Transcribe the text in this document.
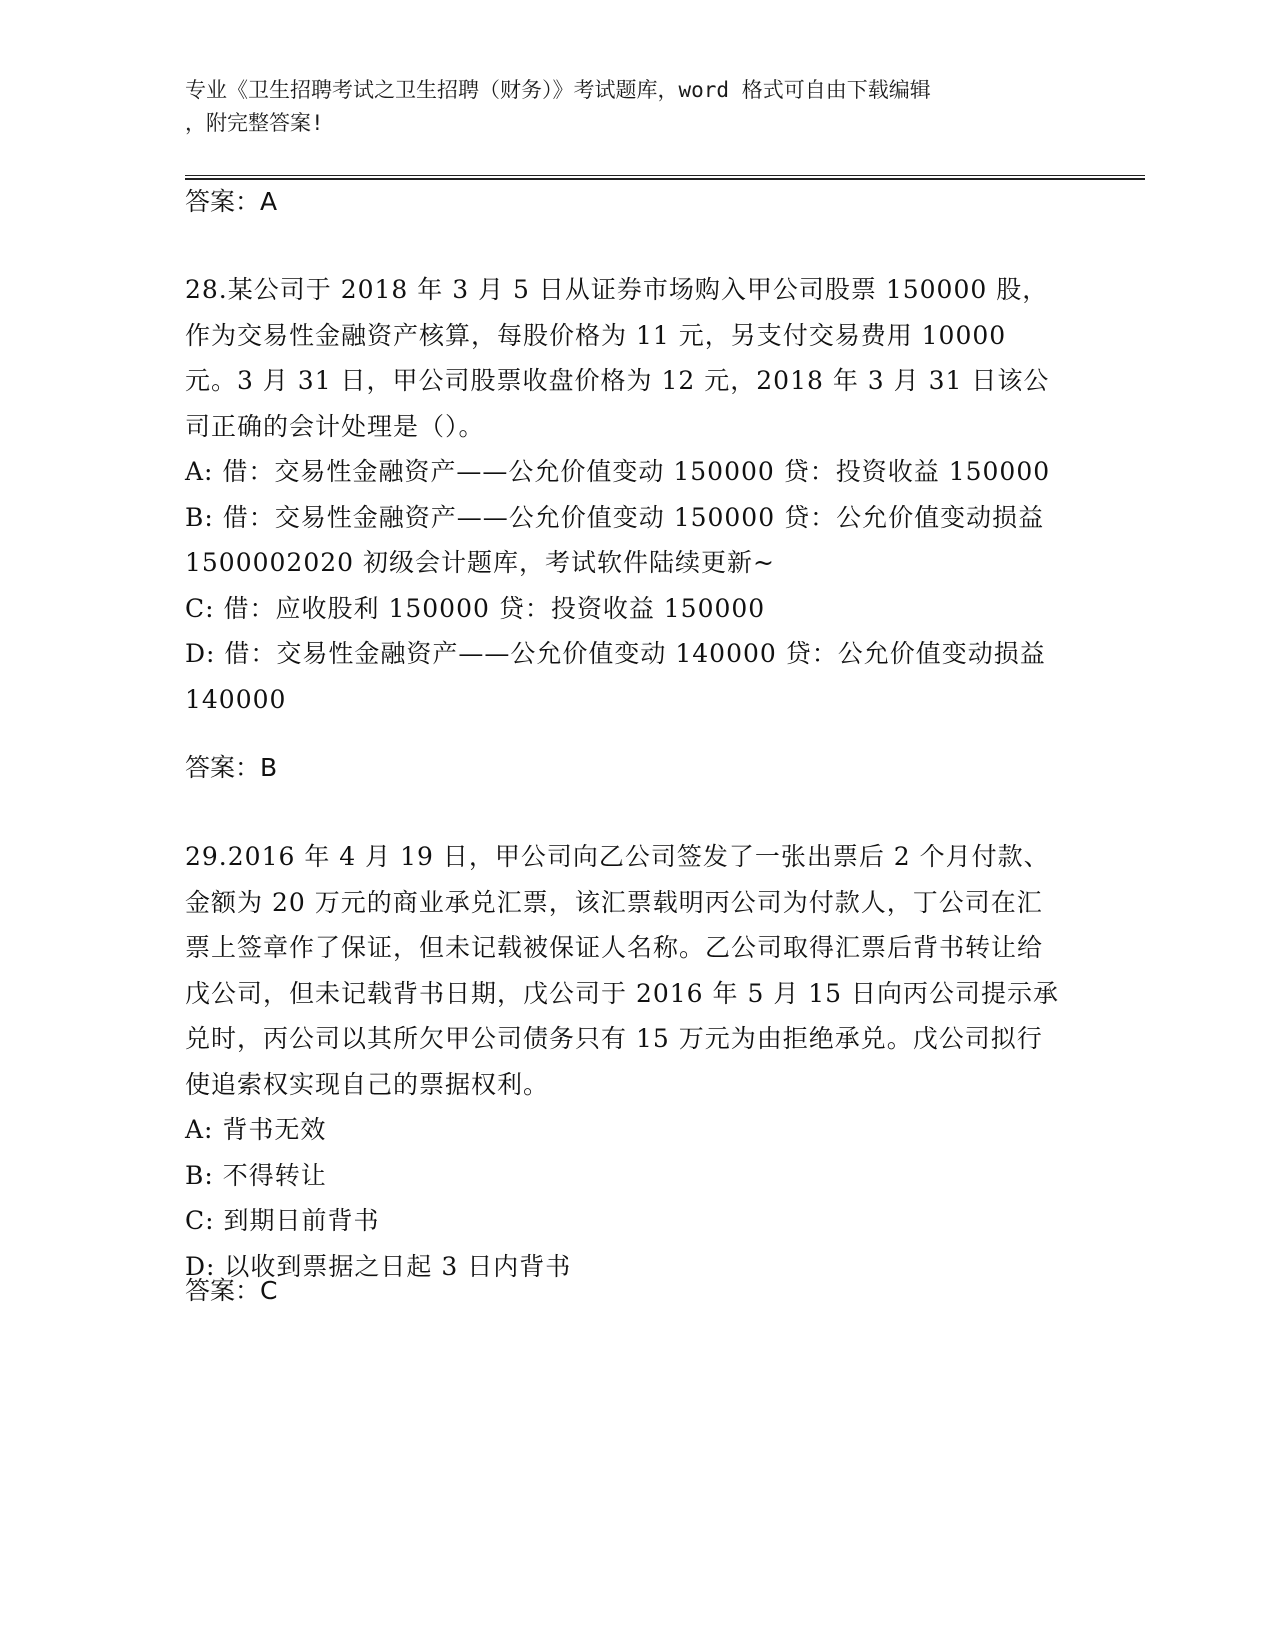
专业《卫生招聘考试之卫生招聘（财务）》考试题库，word 格式可自由下载编辑
，附完整答案!
答案：A

28.某公司于 2018 年 3 月 5 日从证券市场购入甲公司股票 150000 股，作为交易性金融资产核算，每股价格为 11 元，另支付交易费用 10000 元。3 月 31 日，甲公司股票收盘价格为 12 元，2018 年 3 月 31 日该公司正确的会计处理是（）。

A: 借：交易性金融资产——公允价值变动 150000 贷：投资收益 150000

B: 借：交易性金融资产——公允价值变动 150000 贷：公允价值变动损益 1500002020 初级会计题库，考试软件陆续更新~

C: 借：应收股利 150000 贷：投资收益 150000

D: 借：交易性金融资产——公允价值变动 140000 贷：公允价值变动损益 140000

答案：B

29.2016 年 4 月 19 日，甲公司向乙公司签发了一张出票后 2 个月付款、金额为 20 万元的商业承兑汇票，该汇票载明丙公司为付款人，丁公司在汇票上签章作了保证，但未记载被保证人名称。乙公司取得汇票后背书转让给戊公司，但未记载背书日期，戊公司于 2016 年 5 月 15 日向丙公司提示承兑时，丙公司以其所欠甲公司债务只有 15 万元为由拒绝承兑。戊公司拟行使追索权实现自己的票据权利。

A: 背书无效

B: 不得转让

C: 到期日前背书

D: 以收到票据之日起 3 日内背书

答案：C
